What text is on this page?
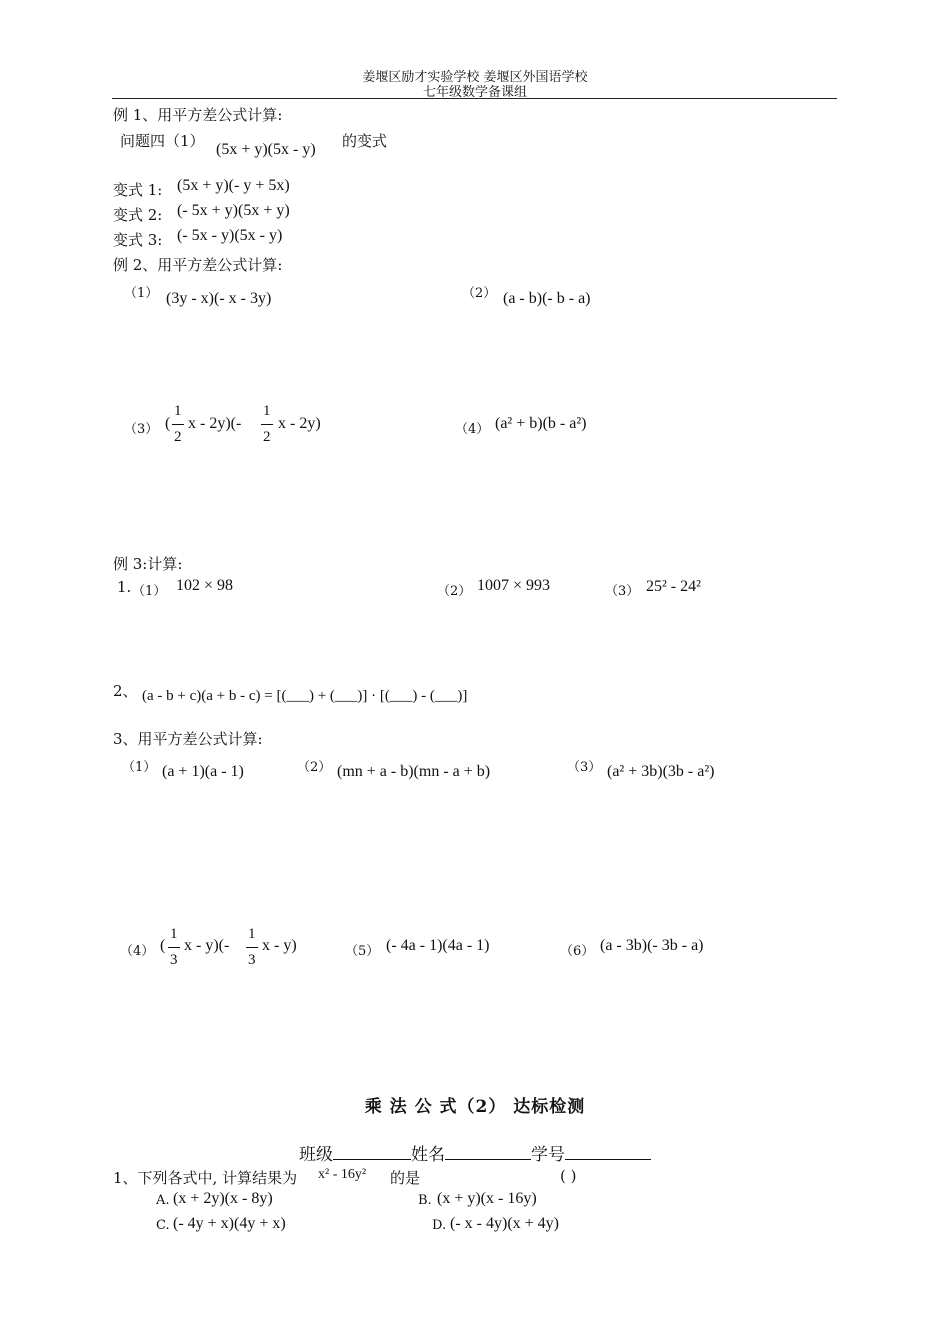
姜堰区励才实验学校 姜堰区外国语学校
七年级数学备课组
例 1、用平方差公式计算:
问题四（1） (5x + y)(5x - y) 的变式
变式 1: (5x + y)(- y + 5x)
变式 2: (- 5x + y)(5x + y)
变式 3: (- 5x - y)(5x - y)
例 2、用平方差公式计算:
（1） (3y - x)(- x - 3y)	（2） (a - b)(- b - a)
（3） (
1
2
x - 2y)(-
1
2
x - 2y)	（4） (a² + b)(b - a²)
例 3:计算:
1. （1） 102 × 98	（2） 1007 × 993	（3） 25² - 24²
2、 (a - b + c)(a + b - c) = [(___) + (___)] · [(___) - (___)]
3、用平方差公式计算:
（1） (a + 1)(a - 1)	（2） (mn + a - b)(mn - a + b)	（3） (a² + 3b)(3b - a²)
（4） (
1
3
x - y)(-
1
3
x - y)	（5） (- 4a - 1)(4a - 1)	（6） (a - 3b)(- 3b - a)
乘 法 公 式（2） 达标检测
班级	姓名	学号
1、下列各式中, 计算结果为 x² - 16y² 的是	( )
A. (x + 2y)(x - 8y)	B. (x + y)(x - 16y)
C. (- 4y + x)(4y + x)	D. (- x - 4y)(x + 4y)
